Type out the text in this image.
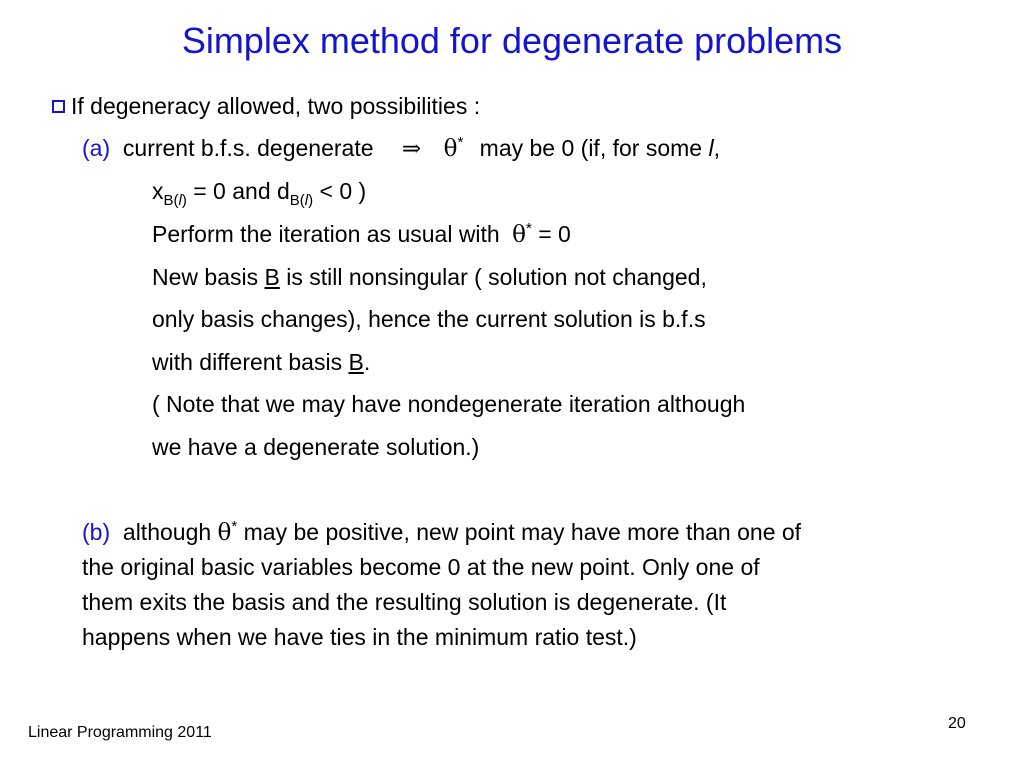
Simplex method for degenerate problems
If degeneracy allowed, two possibilities :
(a) current b.f.s. degenerate ⇒ θ* may be 0 (if, for some l,
$x_{B(l)} = 0$ and $d_{B(l)} < 0$ )
Perform the iteration as usual with θ* = 0
New basis B is still nonsingular ( solution not changed,
only basis changes), hence the current solution is b.f.s
with different basis B.
( Note that we may have nondegenerate iteration although
we have a degenerate solution.)
(b) although θ* may be positive, new point may have more than one of
the original basic variables become 0 at the new point. Only one of
them exits the basis and the resulting solution is degenerate. (It
happens when we have ties in the minimum ratio test.)
Linear Programming 2011
20
